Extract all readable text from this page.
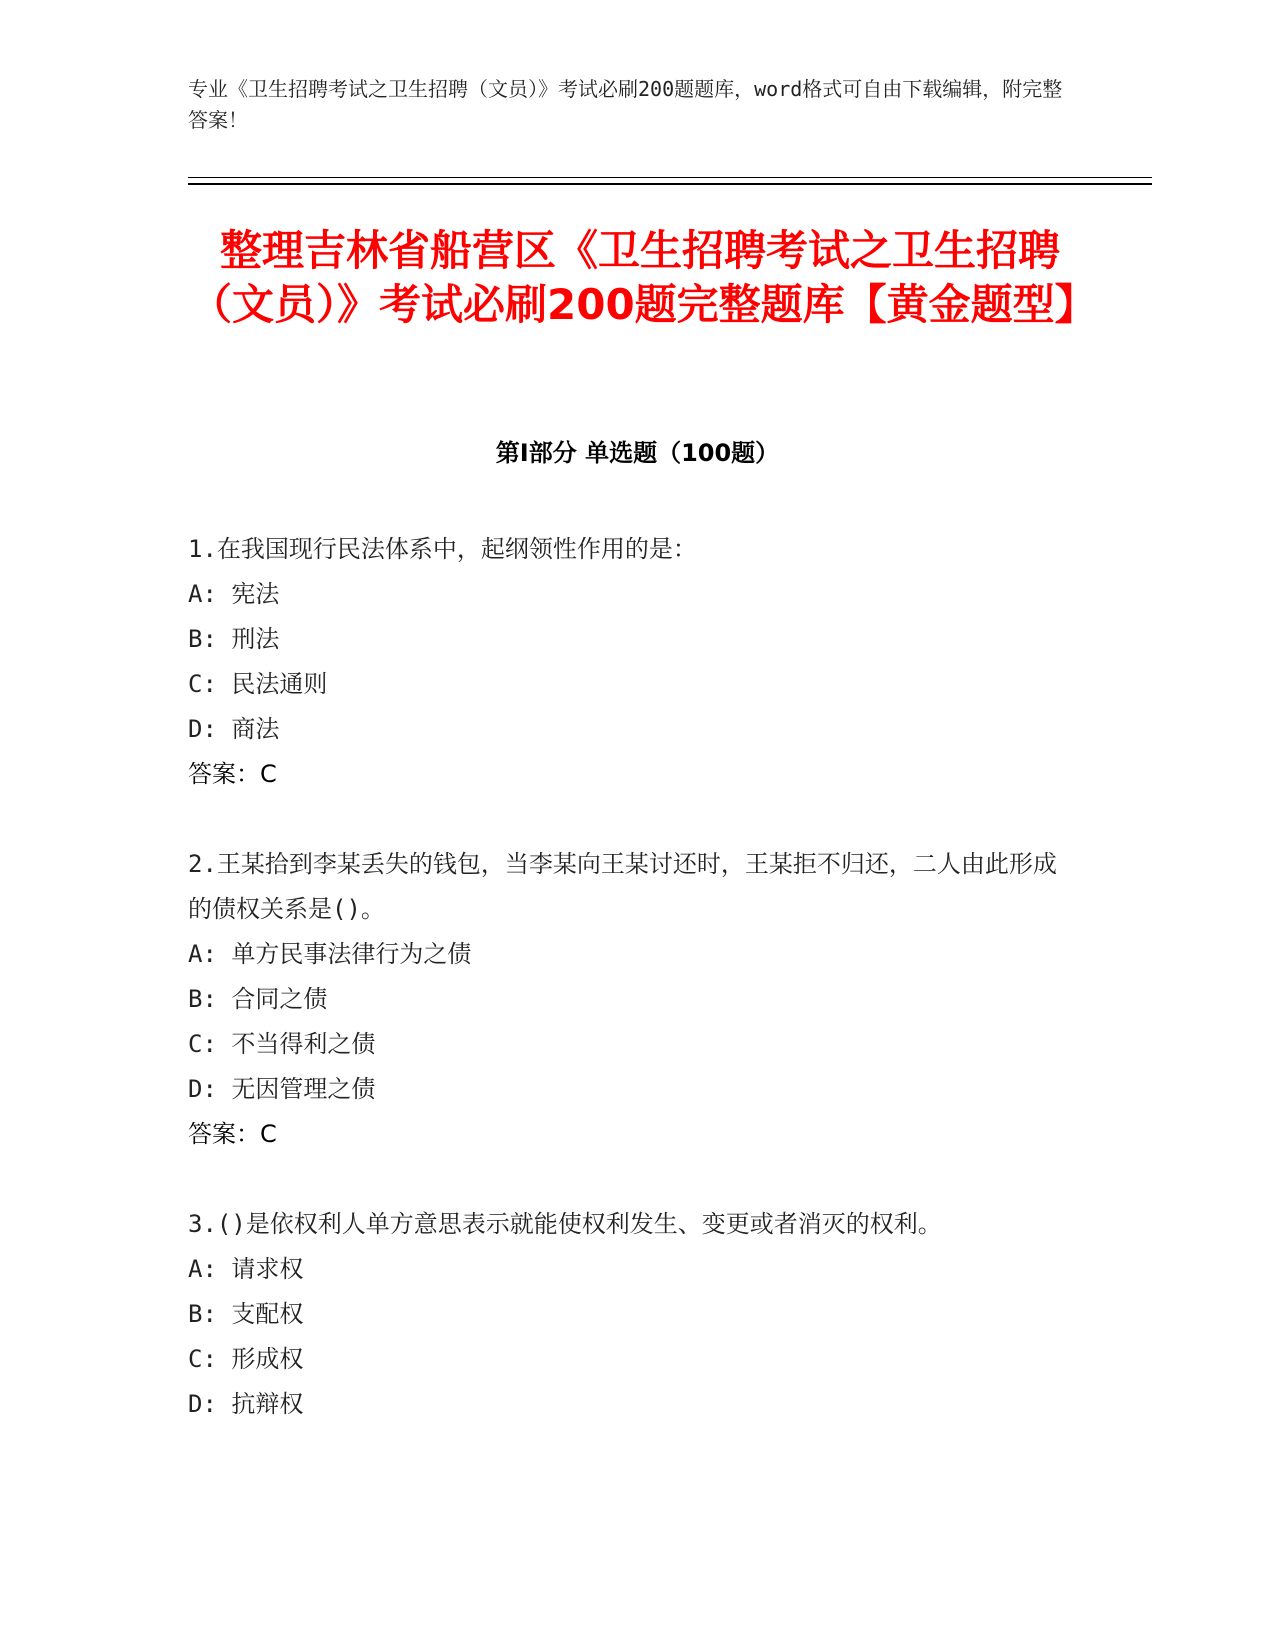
专业《卫生招聘考试之卫生招聘（文员）》考试必刷200题题库，word格式可自由下载编辑，附完整答案！

整理吉林省船营区《卫生招聘考试之卫生招聘（文员）》考试必刷200题完整题库【黄金题型】
第I部分 单选题（100题）

1.在我国现行民法体系中，起纲领性作用的是：

A: 宪法

B: 刑法

C: 民法通则

D: 商法

答案：C

2.王某拾到李某丢失的钱包，当李某向王某讨还时，王某拒不归还，二人由此形成的债权关系是()。

A: 单方民事法律行为之债

B: 合同之债

C: 不当得利之债

D: 无因管理之债

答案：C

3.()是依权利人单方意思表示就能使权利发生、变更或者消灭的权利。

A: 请求权

B: 支配权

C: 形成权

D: 抗辩权
